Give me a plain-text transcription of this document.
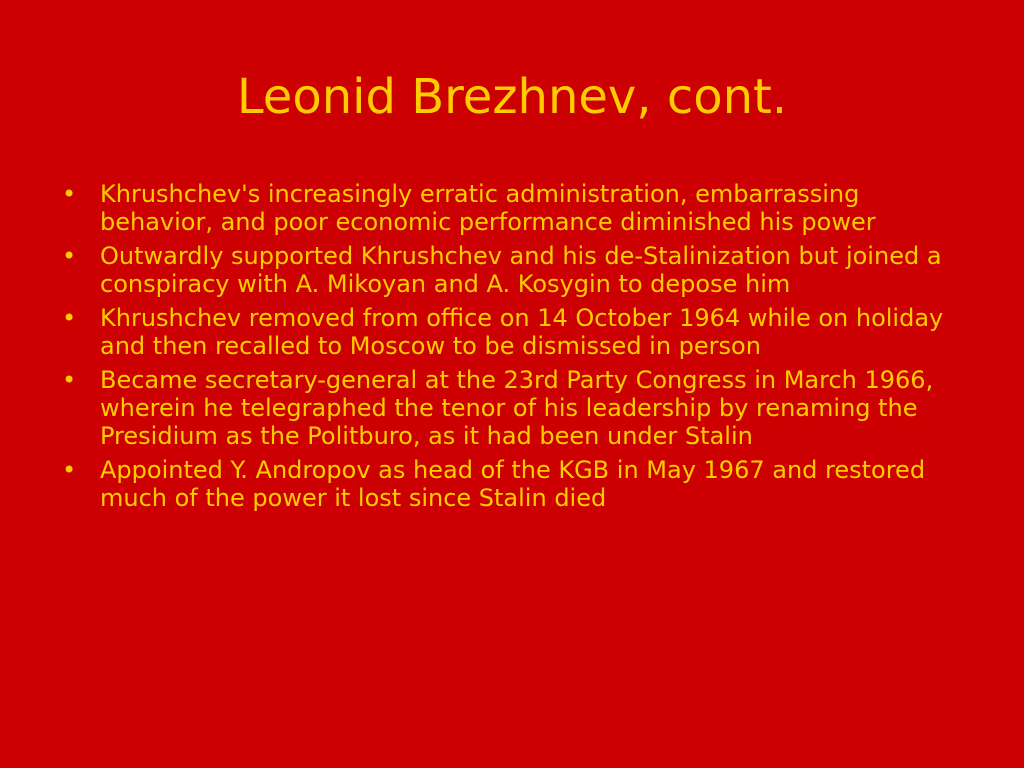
Leonid Brezhnev, cont.
• Khrushchev's increasingly erratic administration, embarrassing behavior, and poor economic performance diminished his power
• Outwardly supported Khrushchev and his de-Stalinization but joined a conspiracy with A. Mikoyan and A. Kosygin to depose him
• Khrushchev removed from office on 14 October 1964 while on holiday and then recalled to Moscow to be dismissed in person
• Became secretary-general at the 23rd Party Congress in March 1966, wherein he telegraphed the tenor of his leadership by renaming the Presidium as the Politburo, as it had been under Stalin
• Appointed Y. Andropov as head of the KGB in May 1967 and restored much of the power it lost since Stalin died
